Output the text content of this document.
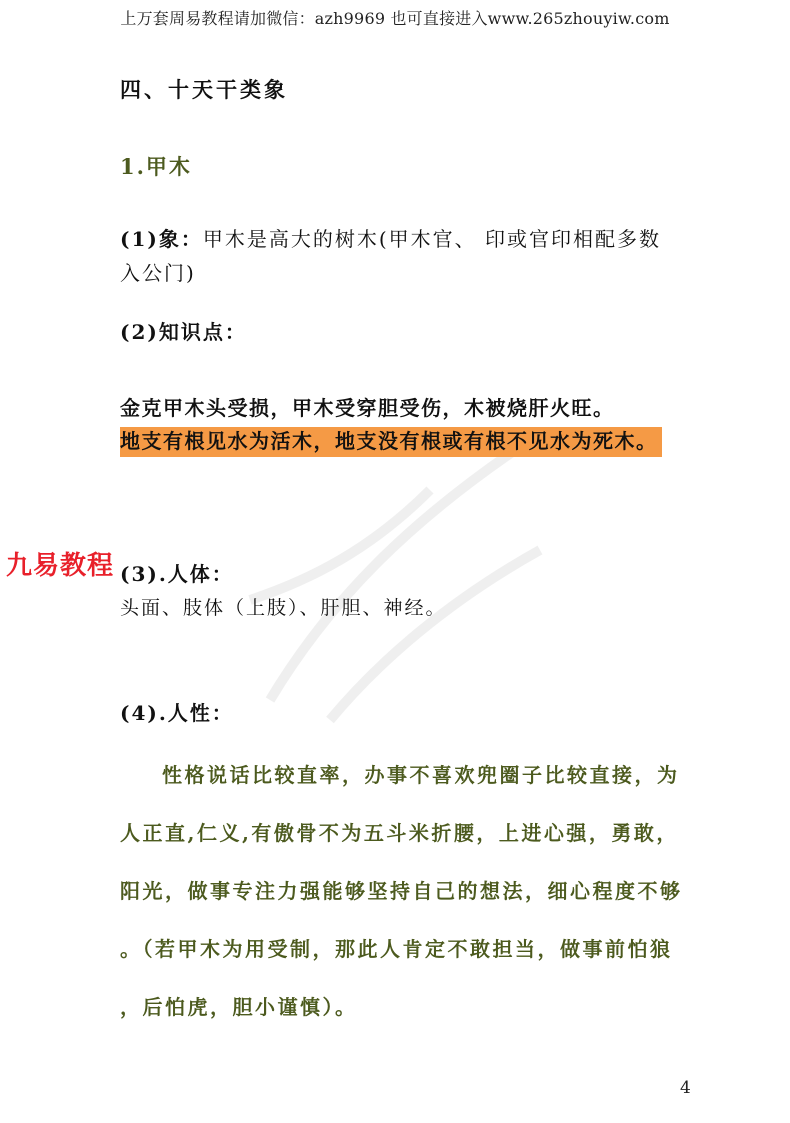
上万套周易教程请加微信：azh9969 也可直接进入www.265zhouyiw.com
四、十天干类象
1.甲木
(1)象：甲木是高大的树木(甲木官、 印或官印相配多数
入公门)
(2)知识点：
金克甲木头受损，甲木受穿胆受伤，木被烧肝火旺。
地支有根见水为活木，地支没有根或有根不见水为死木。
(3).人体：
九易教程
头面、肢体（上肢）、肝胆、神经。
(4).人性：
性格说话比较直率，办事不喜欢兜圈子比较直接，为
人正直,仁义,有傲骨不为五斗米折腰，上进心强，勇敢，
阳光，做事专注力强能够坚持自己的想法，细心程度不够
。（若甲木为用受制，那此人肯定不敢担当，做事前怕狼
，后怕虎，胆小谨慎）。
4
